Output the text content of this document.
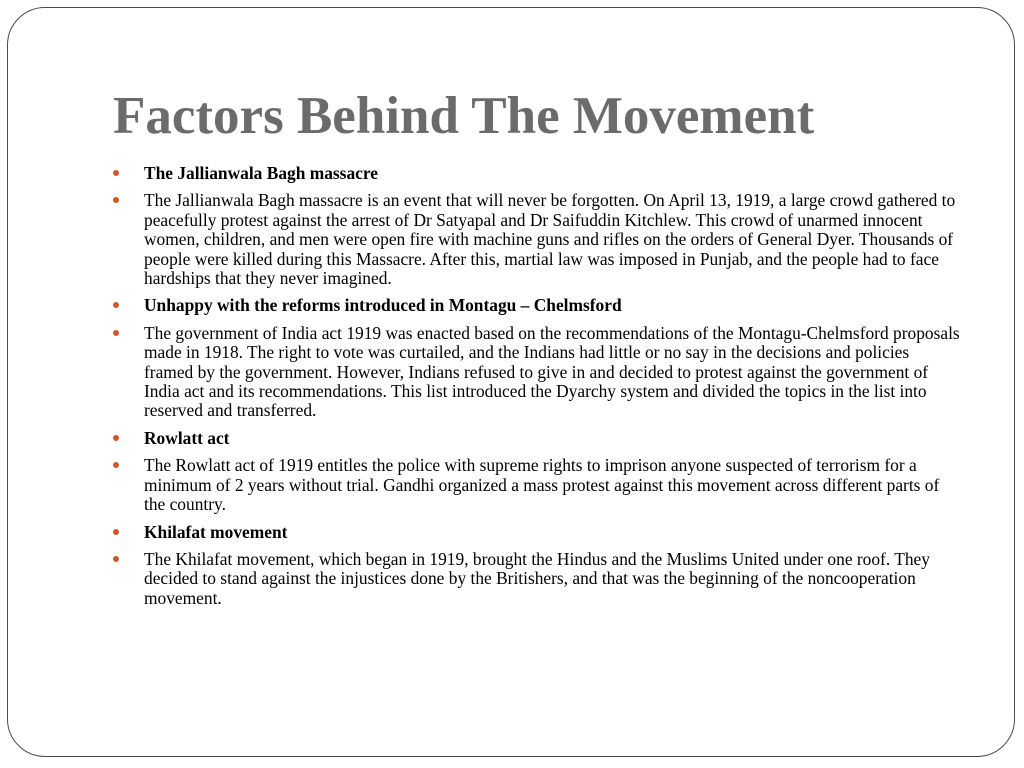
Factors Behind The Movement
The Jallianwala Bagh massacre
The Jallianwala Bagh massacre is an event that will never be forgotten. On April 13, 1919, a large crowd gathered to peacefully protest against the arrest of Dr Satyapal and Dr Saifuddin Kitchlew. This crowd of unarmed innocent women, children, and men were open fire with machine guns and rifles on the orders of General Dyer. Thousands of people were killed during this Massacre. After this, martial law was imposed in Punjab, and the people had to face hardships that they never imagined.
Unhappy with the reforms introduced in Montagu – Chelmsford
The government of India act 1919 was enacted based on the recommendations of the Montagu-Chelmsford proposals made in 1918. The right to vote was curtailed, and the Indians had little or no say in the decisions and policies framed by the government. However, Indians refused to give in and decided to protest against the government of India act and its recommendations. This list introduced the Dyarchy system and divided the topics in the list into reserved and transferred.
Rowlatt act
The Rowlatt act of 1919 entitles the police with supreme rights to imprison anyone suspected of terrorism for a minimum of 2 years without trial. Gandhi organized a mass protest against this movement across different parts of the country.
Khilafat movement
The Khilafat movement, which began in 1919, brought the Hindus and the Muslims United under one roof. They decided to stand against the injustices done by the Britishers, and that was the beginning of the noncooperation movement.
